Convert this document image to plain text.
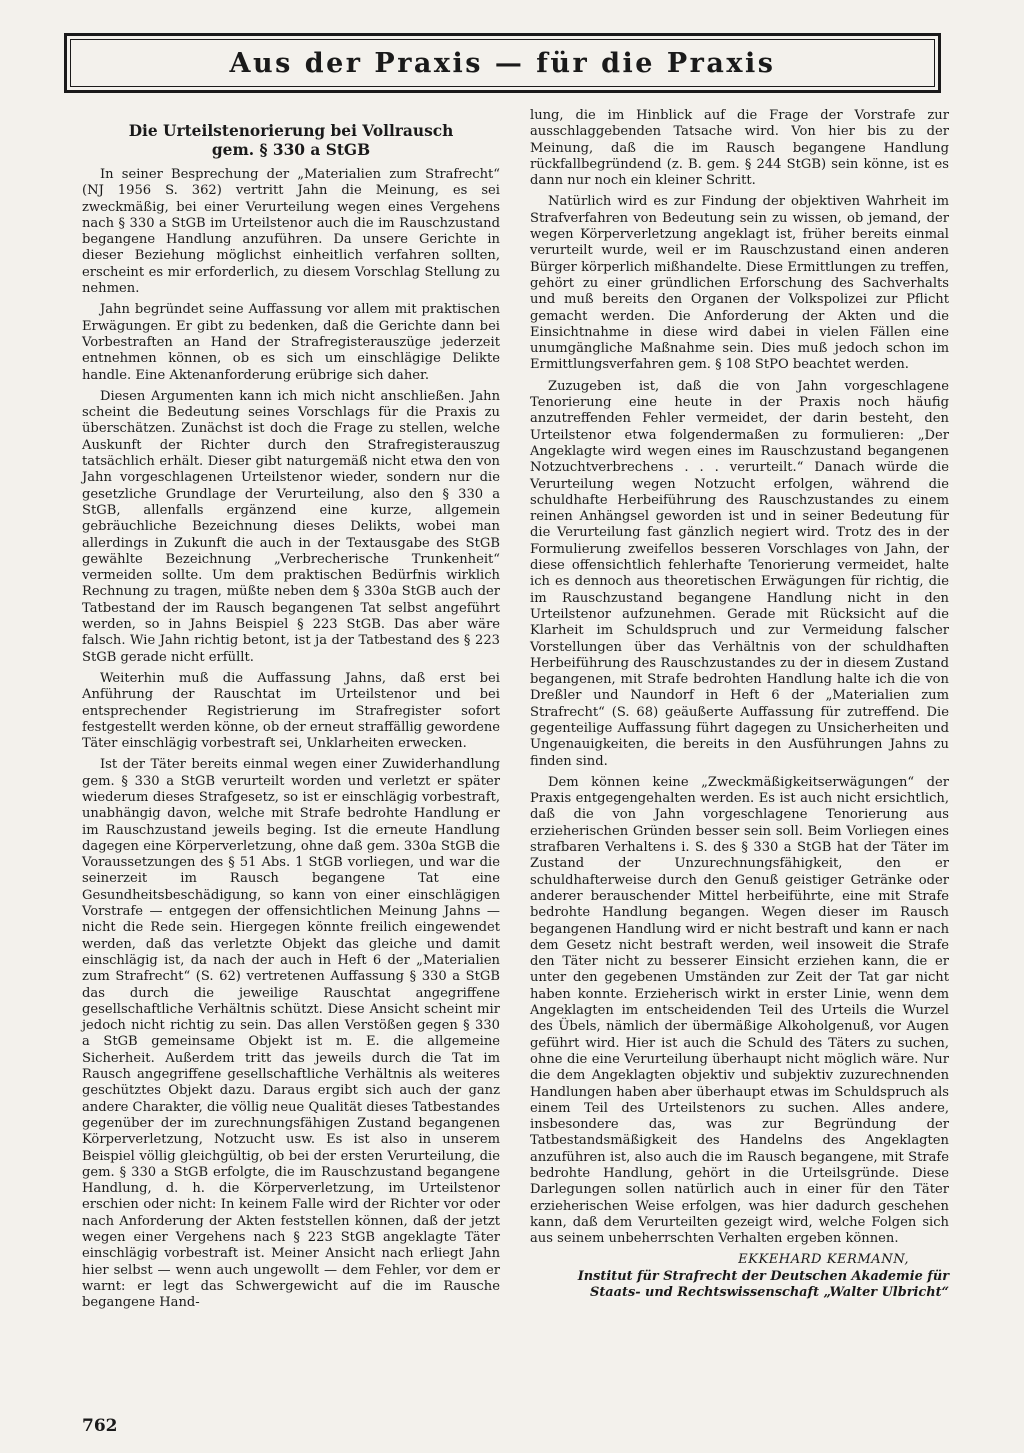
Aus der Praxis — für die Praxis
Die Urteilstenorierung bei Vollrausch
gem. § 330 a StGB

In seiner Besprechung der „Materialien zum Strafrecht“ (NJ 1956 S. 362) vertritt Jahn die Meinung, es sei zweckmäßig, bei einer Verurteilung wegen eines Vergehens nach § 330 a StGB im Urteilstenor auch die im Rauschzustand begangene Handlung anzuführen. Da unsere Gerichte in dieser Beziehung möglichst einheitlich verfahren sollten, erscheint es mir erforderlich, zu diesem Vorschlag Stellung zu nehmen.

Jahn begründet seine Auffassung vor allem mit praktischen Erwägungen. Er gibt zu bedenken, daß die Gerichte dann bei Vorbestraften an Hand der Strafregisterauszüge jederzeit entnehmen können, ob es sich um einschlägige Delikte handle. Eine Aktenanforderung erübrige sich daher.

Diesen Argumenten kann ich mich nicht anschließen. Jahn scheint die Bedeutung seines Vorschlags für die Praxis zu überschätzen. Zunächst ist doch die Frage zu stellen, welche Auskunft der Richter durch den Strafregisterauszug tatsächlich erhält. Dieser gibt naturgemäß nicht etwa den von Jahn vorgeschlagenen Urteilstenor wieder, sondern nur die gesetzliche Grundlage der Verurteilung, also den § 330 a StGB, allenfalls ergänzend eine kurze, allgemein gebräuchliche Bezeichnung dieses Delikts, wobei man allerdings in Zukunft die auch in der Textausgabe des StGB gewählte Bezeichnung „Verbrecherische Trunkenheit“ vermeiden sollte. Um dem praktischen Bedürfnis wirklich Rechnung zu tragen, müßte neben dem § 330a StGB auch der Tatbestand der im Rausch begangenen Tat selbst angeführt werden, so in Jahns Beispiel § 223 StGB. Das aber wäre falsch. Wie Jahn richtig betont, ist ja der Tatbestand des § 223 StGB gerade nicht erfüllt.

Weiterhin muß die Auffassung Jahns, daß erst bei Anführung der Rauschtat im Urteilstenor und bei entsprechender Registrierung im Strafregister sofort festgestellt werden könne, ob der erneut straffällig gewordene Täter einschlägig vorbestraft sei, Unklarheiten erwecken.

Ist der Täter bereits einmal wegen einer Zuwiderhandlung gem. § 330 a StGB verurteilt worden und verletzt er später wiederum dieses Strafgesetz, so ist er einschlägig vorbestraft, unabhängig davon, welche mit Strafe bedrohte Handlung er im Rauschzustand jeweils beging. Ist die erneute Handlung dagegen eine Körperverletzung, ohne daß gem. 330a StGB die Voraussetzungen des § 51 Abs. 1 StGB vorliegen, und war die seinerzeit im Rausch begangene Tat eine Gesundheitsbeschädigung, so kann von einer einschlägigen Vorstrafe — entgegen der offensichtlichen Meinung Jahns — nicht die Rede sein. Hiergegen könnte freilich eingewendet werden, daß das verletzte Objekt das gleiche und damit einschlägig ist, da nach der auch in Heft 6 der „Materialien zum Strafrecht“ (S. 62) vertretenen Auffassung § 330 a StGB das durch die jeweilige Rauschtat angegriffene gesellschaftliche Verhältnis schützt. Diese Ansicht scheint mir jedoch nicht richtig zu sein. Das allen Verstößen gegen § 330 a StGB gemeinsame Objekt ist m. E. die allgemeine Sicherheit. Außerdem tritt das jeweils durch die Tat im Rausch angegriffene gesellschaftliche Verhältnis als weiteres geschütztes Objekt dazu. Daraus ergibt sich auch der ganz andere Charakter, die völlig neue Qualität dieses Tatbestandes gegenüber der im zurechnungsfähigen Zustand begangenen Körperverletzung, Notzucht usw. Es ist also in unserem Beispiel völlig gleichgültig, ob bei der ersten Verurteilung, die gem. § 330 a StGB erfolgte, die im Rauschzustand begangene Handlung, d. h. die Körperverletzung, im Urteilstenor erschien oder nicht: In keinem Falle wird der Richter vor oder nach Anforderung der Akten feststellen können, daß der jetzt wegen einer Vergehens nach § 223 StGB angeklagte Täter einschlägig vorbestraft ist. Meiner Ansicht nach erliegt Jahn hier selbst — wenn auch ungewollt — dem Fehler, vor dem er warnt: er legt das Schwergewicht auf die im Rausche begangene Hand-

lung, die im Hinblick auf die Frage der Vorstrafe zur ausschlaggebenden Tatsache wird. Von hier bis zu der Meinung, daß die im Rausch begangene Handlung rückfallbegründend (z. B. gem. § 244 StGB) sein könne, ist es dann nur noch ein kleiner Schritt.

Natürlich wird es zur Findung der objektiven Wahrheit im Strafverfahren von Bedeutung sein zu wissen, ob jemand, der wegen Körperverletzung angeklagt ist, früher bereits einmal verurteilt wurde, weil er im Rauschzustand einen anderen Bürger körperlich mißhandelte. Diese Ermittlungen zu treffen, gehört zu einer gründlichen Erforschung des Sachverhalts und muß bereits den Organen der Volkspolizei zur Pflicht gemacht werden. Die Anforderung der Akten und die Einsichtnahme in diese wird dabei in vielen Fällen eine unumgängliche Maßnahme sein. Dies muß jedoch schon im Ermittlungsverfahren gem. § 108 StPO beachtet werden.

Zuzugeben ist, daß die von Jahn vorgeschlagene Tenorierung eine heute in der Praxis noch häufig anzutreffenden Fehler vermeidet, der darin besteht, den Urteilstenor etwa folgendermaßen zu formulieren: „Der Angeklagte wird wegen eines im Rauschzustand begangenen Notzuchtverbrechens . . . verurteilt.“ Danach würde die Verurteilung wegen Notzucht erfolgen, während die schuldhafte Herbeiführung des Rauschzustandes zu einem reinen Anhängsel geworden ist und in seiner Bedeutung für die Verurteilung fast gänzlich negiert wird. Trotz des in der Formulierung zweifellos besseren Vorschlages von Jahn, der diese offensichtlich fehlerhafte Tenorierung vermeidet, halte ich es dennoch aus theoretischen Erwägungen für richtig, die im Rauschzustand begangene Handlung nicht in den Urteilstenor aufzunehmen. Gerade mit Rücksicht auf die Klarheit im Schuldspruch und zur Vermeidung falscher Vorstellungen über das Verhältnis von der schuldhaften Herbeiführung des Rauschzustandes zu der in diesem Zustand begangenen, mit Strafe bedrohten Handlung halte ich die von Dreßler und Naundorf in Heft 6 der „Materialien zum Strafrecht“ (S. 68) geäußerte Auffassung für zutreffend. Die gegenteilige Auffassung führt dagegen zu Unsicherheiten und Ungenauigkeiten, die bereits in den Ausführungen Jahns zu finden sind.

Dem können keine „Zweckmäßigkeitserwägungen“ der Praxis entgegengehalten werden. Es ist auch nicht ersichtlich, daß die von Jahn vorgeschlagene Tenorierung aus erzieherischen Gründen besser sein soll. Beim Vorliegen eines strafbaren Verhaltens i. S. des § 330 a StGB hat der Täter im Zustand der Unzurechnungsfähigkeit, den er schuldhafterweise durch den Genuß geistiger Getränke oder anderer berauschender Mittel herbeiführte, eine mit Strafe bedrohte Handlung begangen. Wegen dieser im Rausch begangenen Handlung wird er nicht bestraft und kann er nach dem Gesetz nicht bestraft werden, weil insoweit die Strafe den Täter nicht zu besserer Einsicht erziehen kann, die er unter den gegebenen Umständen zur Zeit der Tat gar nicht haben konnte. Erzieherisch wirkt in erster Linie, wenn dem Angeklagten im entscheidenden Teil des Urteils die Wurzel des Übels, nämlich der übermäßige Alkoholgenuß, vor Augen geführt wird. Hier ist auch die Schuld des Täters zu suchen, ohne die eine Verurteilung überhaupt nicht möglich wäre. Nur die dem Angeklagten objektiv und subjektiv zuzurechnenden Handlungen haben aber überhaupt etwas im Schuldspruch als einem Teil des Urteilstenors zu suchen. Alles andere, insbesondere das, was zur Begründung der Tatbestandsmäßigkeit des Handelns des Angeklagten anzuführen ist, also auch die im Rausch begangene, mit Strafe bedrohte Handlung, gehört in die Urteilsgründe. Diese Darlegungen sollen natürlich auch in einer für den Täter erzieherischen Weise erfolgen, was hier dadurch geschehen kann, daß dem Verurteilten gezeigt wird, welche Folgen sich aus seinem unbeherrschten Verhalten ergeben können.

EKKEHARD KERMANN,

Institut für Strafrecht der Deutschen Akademie für

Staats- und Rechtswissenschaft „Walter Ulbricht“

762
